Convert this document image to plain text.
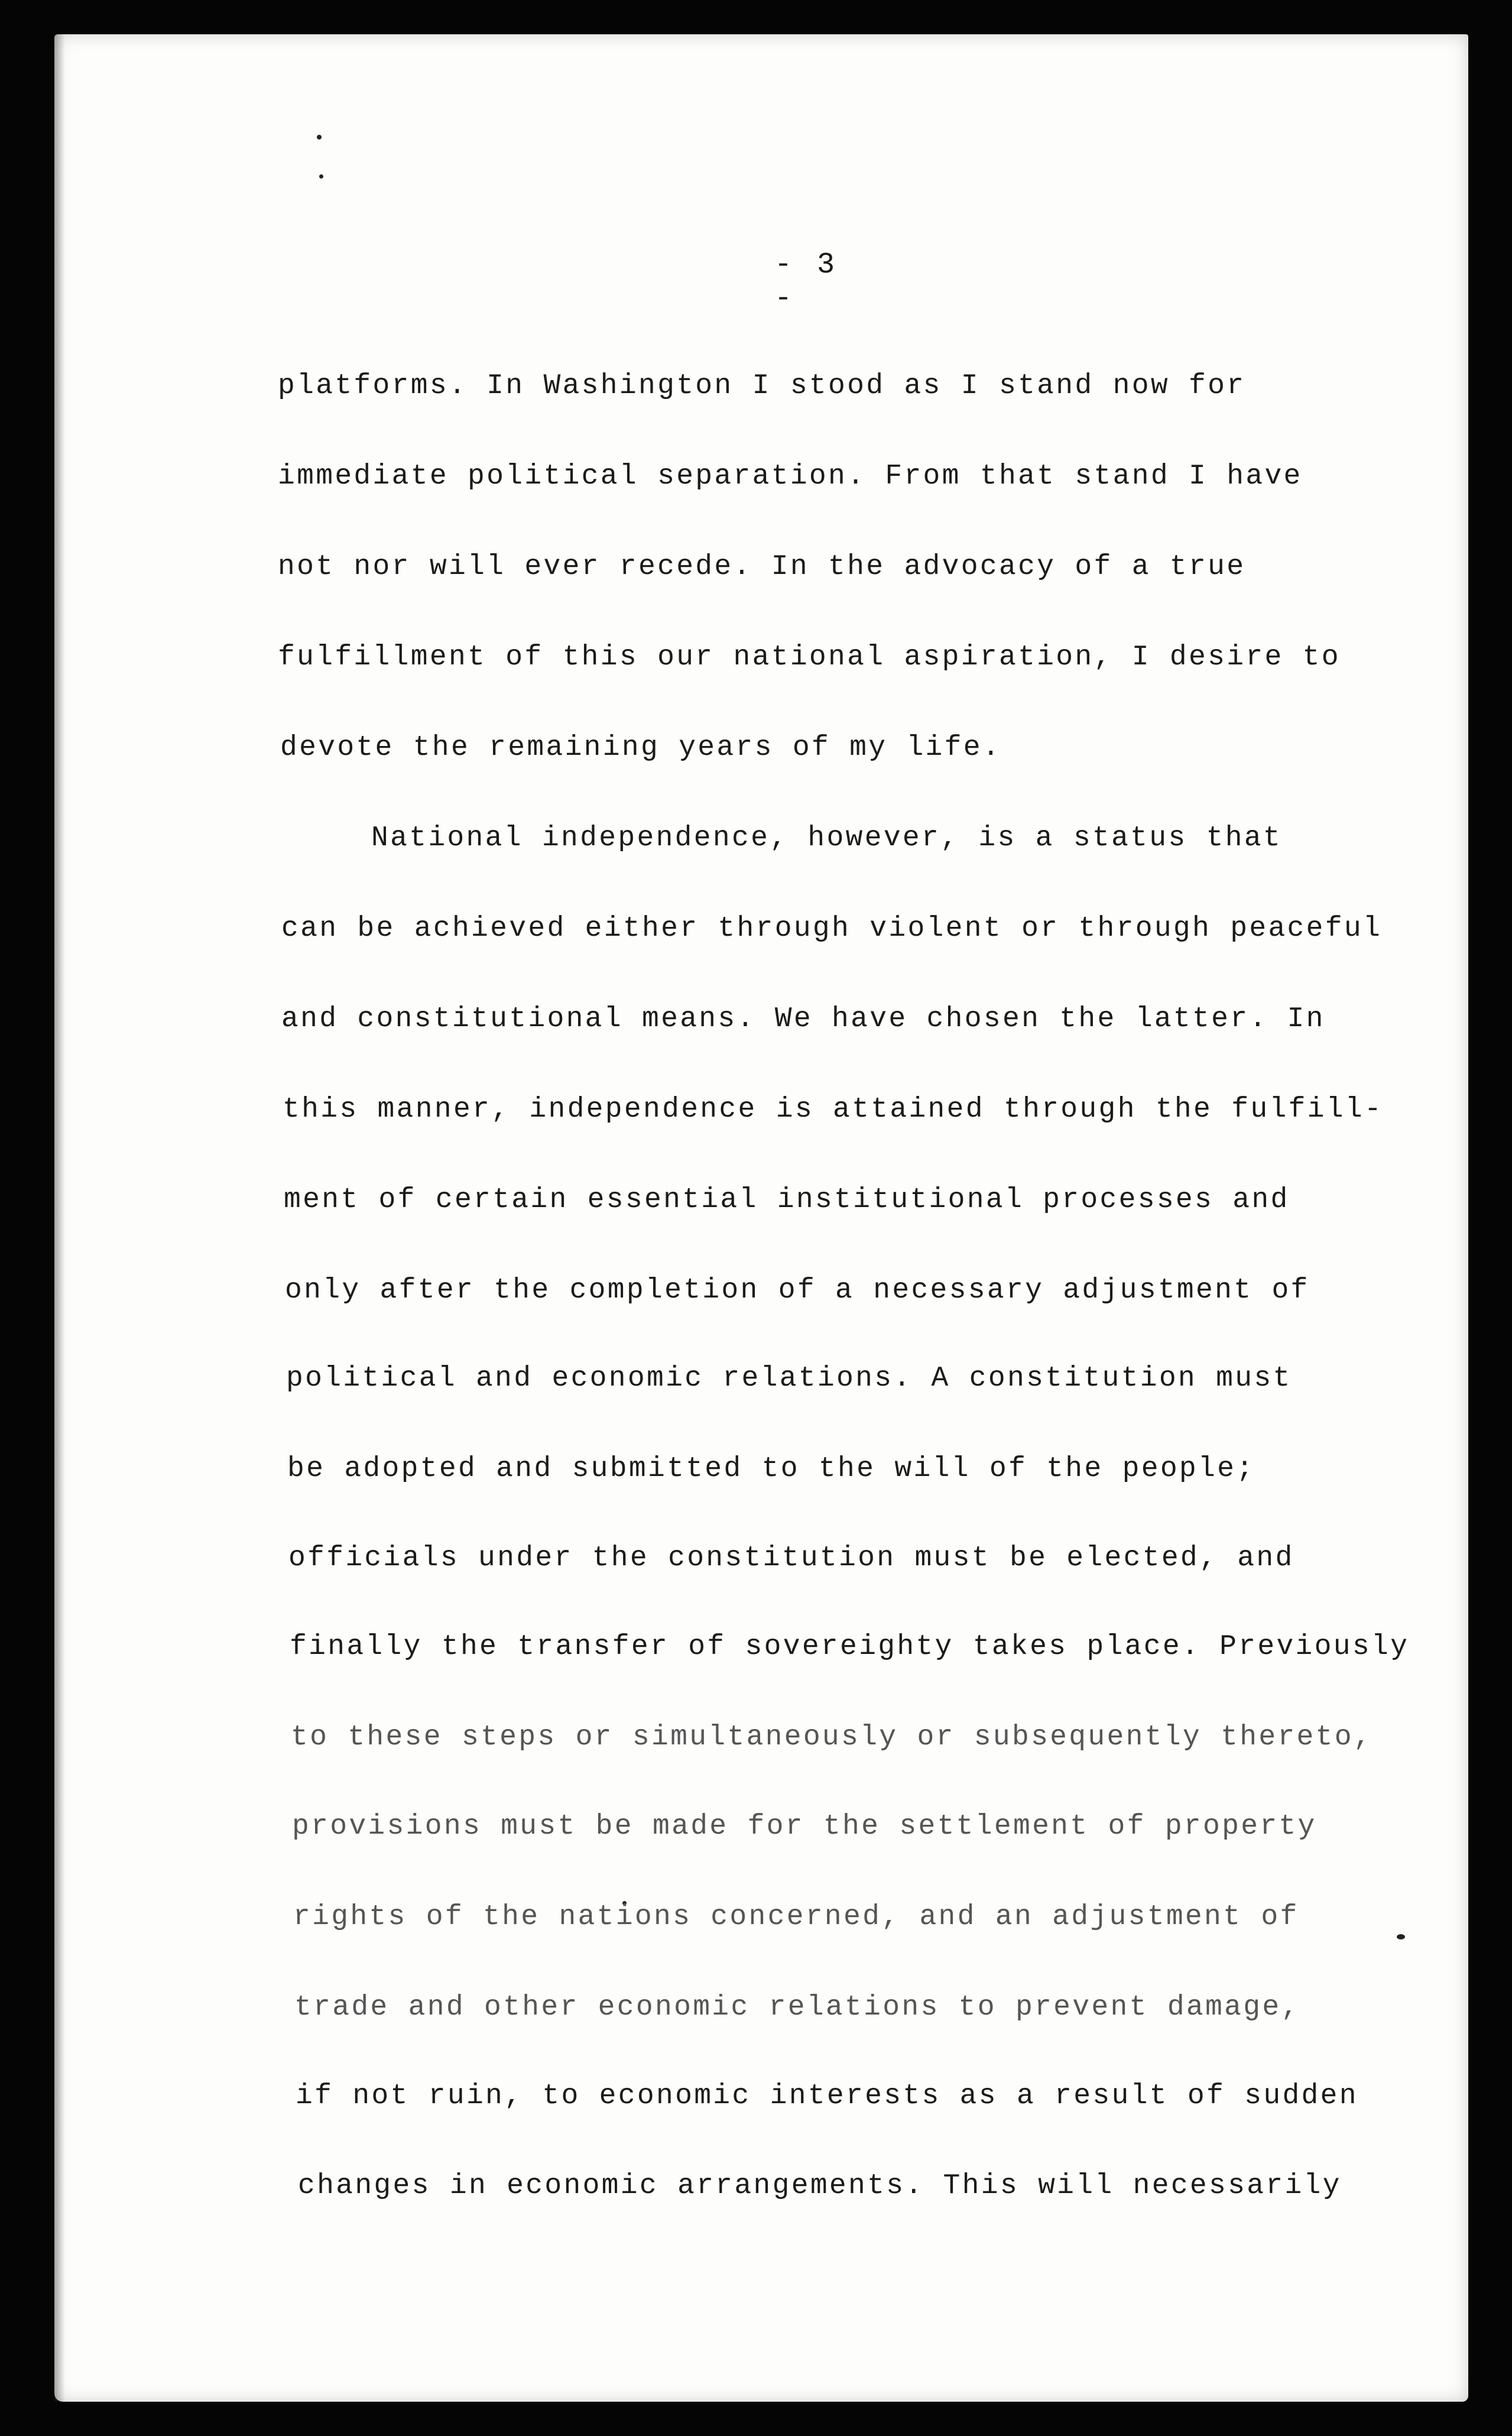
- 3 -
platforms. In Washington I stood as I stand now for
immediate political separation. From that stand I have
not nor will ever recede. In the advocacy of a true
fulfillment of this our national aspiration, I desire to
devote the remaining years of my life.
National independence, however, is a status that
can be achieved either through violent or through peaceful
and constitutional means. We have chosen the latter. In
this manner, independence is attained through the fulfill-
ment of certain essential institutional processes and
only after the completion of a necessary adjustment of
political and economic relations. A constitution must
be adopted and submitted to the will of the people;
officials under the constitution must be elected, and
finally the transfer of sovereighty takes place. Previously
to these steps or simultaneously or subsequently thereto,
provisions must be made for the settlement of property
rights of the nations concerned, and an adjustment of
trade and other economic relations to prevent damage,
if not ruin, to economic interests as a result of sudden
changes in economic arrangements. This will necessarily
